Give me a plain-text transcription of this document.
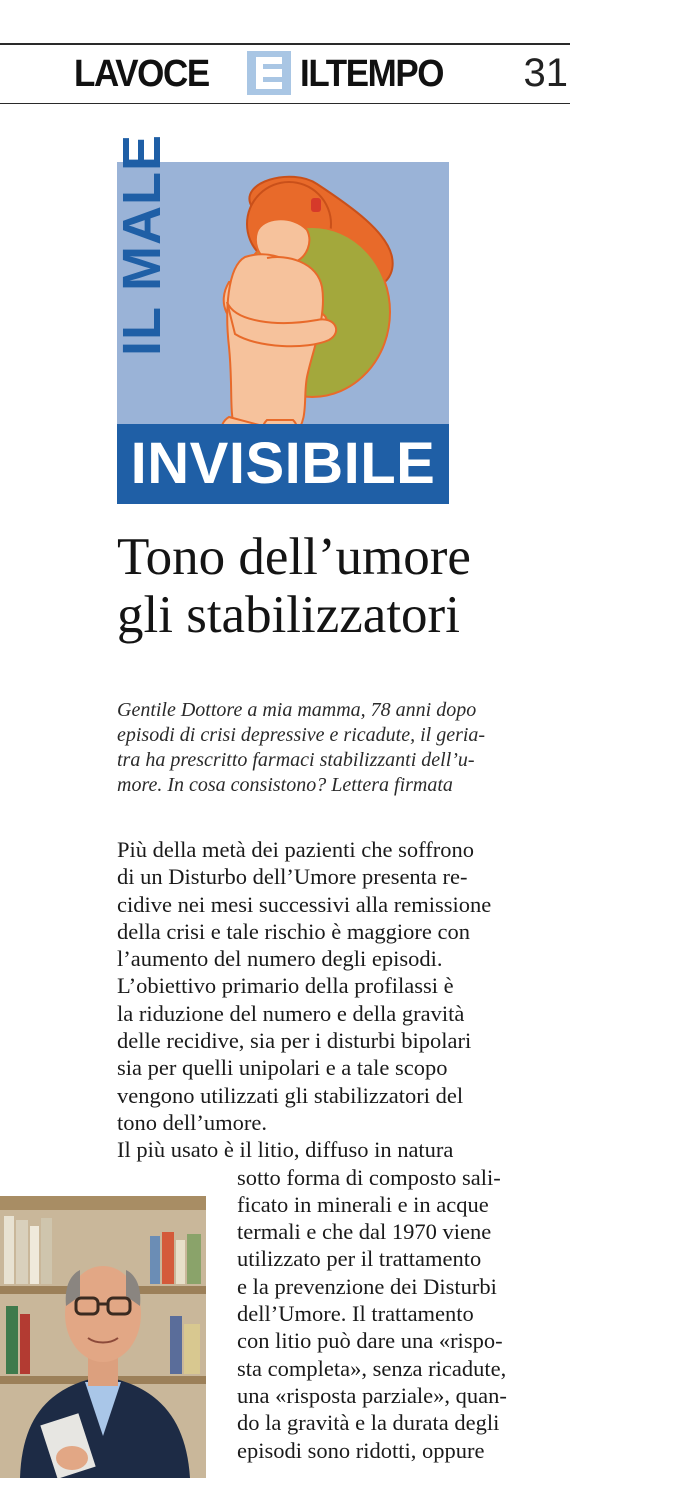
LAVOCE ILTEMPO 31
INVISIBILE
IL MALE
Tono dell’umore
gli stabilizzatori
Gentile Dottore a mia mamma, 78 anni dopo
episodi di crisi depressive e ricadute, il geria-
tra ha prescritto farmaci stabilizzanti dell’u-
more. In cosa consistono? Lettera firmata
Più della metà dei pazienti che soffrono
di un Disturbo dell’Umore presenta re-
cidive nei mesi successivi alla remissione
della crisi e tale rischio è maggiore con
l’aumento del numero degli episodi.
L’obiettivo primario della profilassi è
la riduzione del numero e della gravità
delle recidive, sia per i disturbi bipolari
sia per quelli unipolari e a tale scopo
vengono utilizzati gli stabilizzatori del
tono dell’umore.
Il più usato è il litio, diffuso in natura
sotto forma di composto sali-
ficato in minerali e in acque
termali e che dal 1970 viene
utilizzato per il trattamento
e la prevenzione dei Disturbi
dell’Umore. Il trattamento
con litio può dare una «rispo-
sta completa», senza ricadute,
una «risposta parziale», quan-
do la gravità e la durata degli
episodi sono ridotti, oppure
